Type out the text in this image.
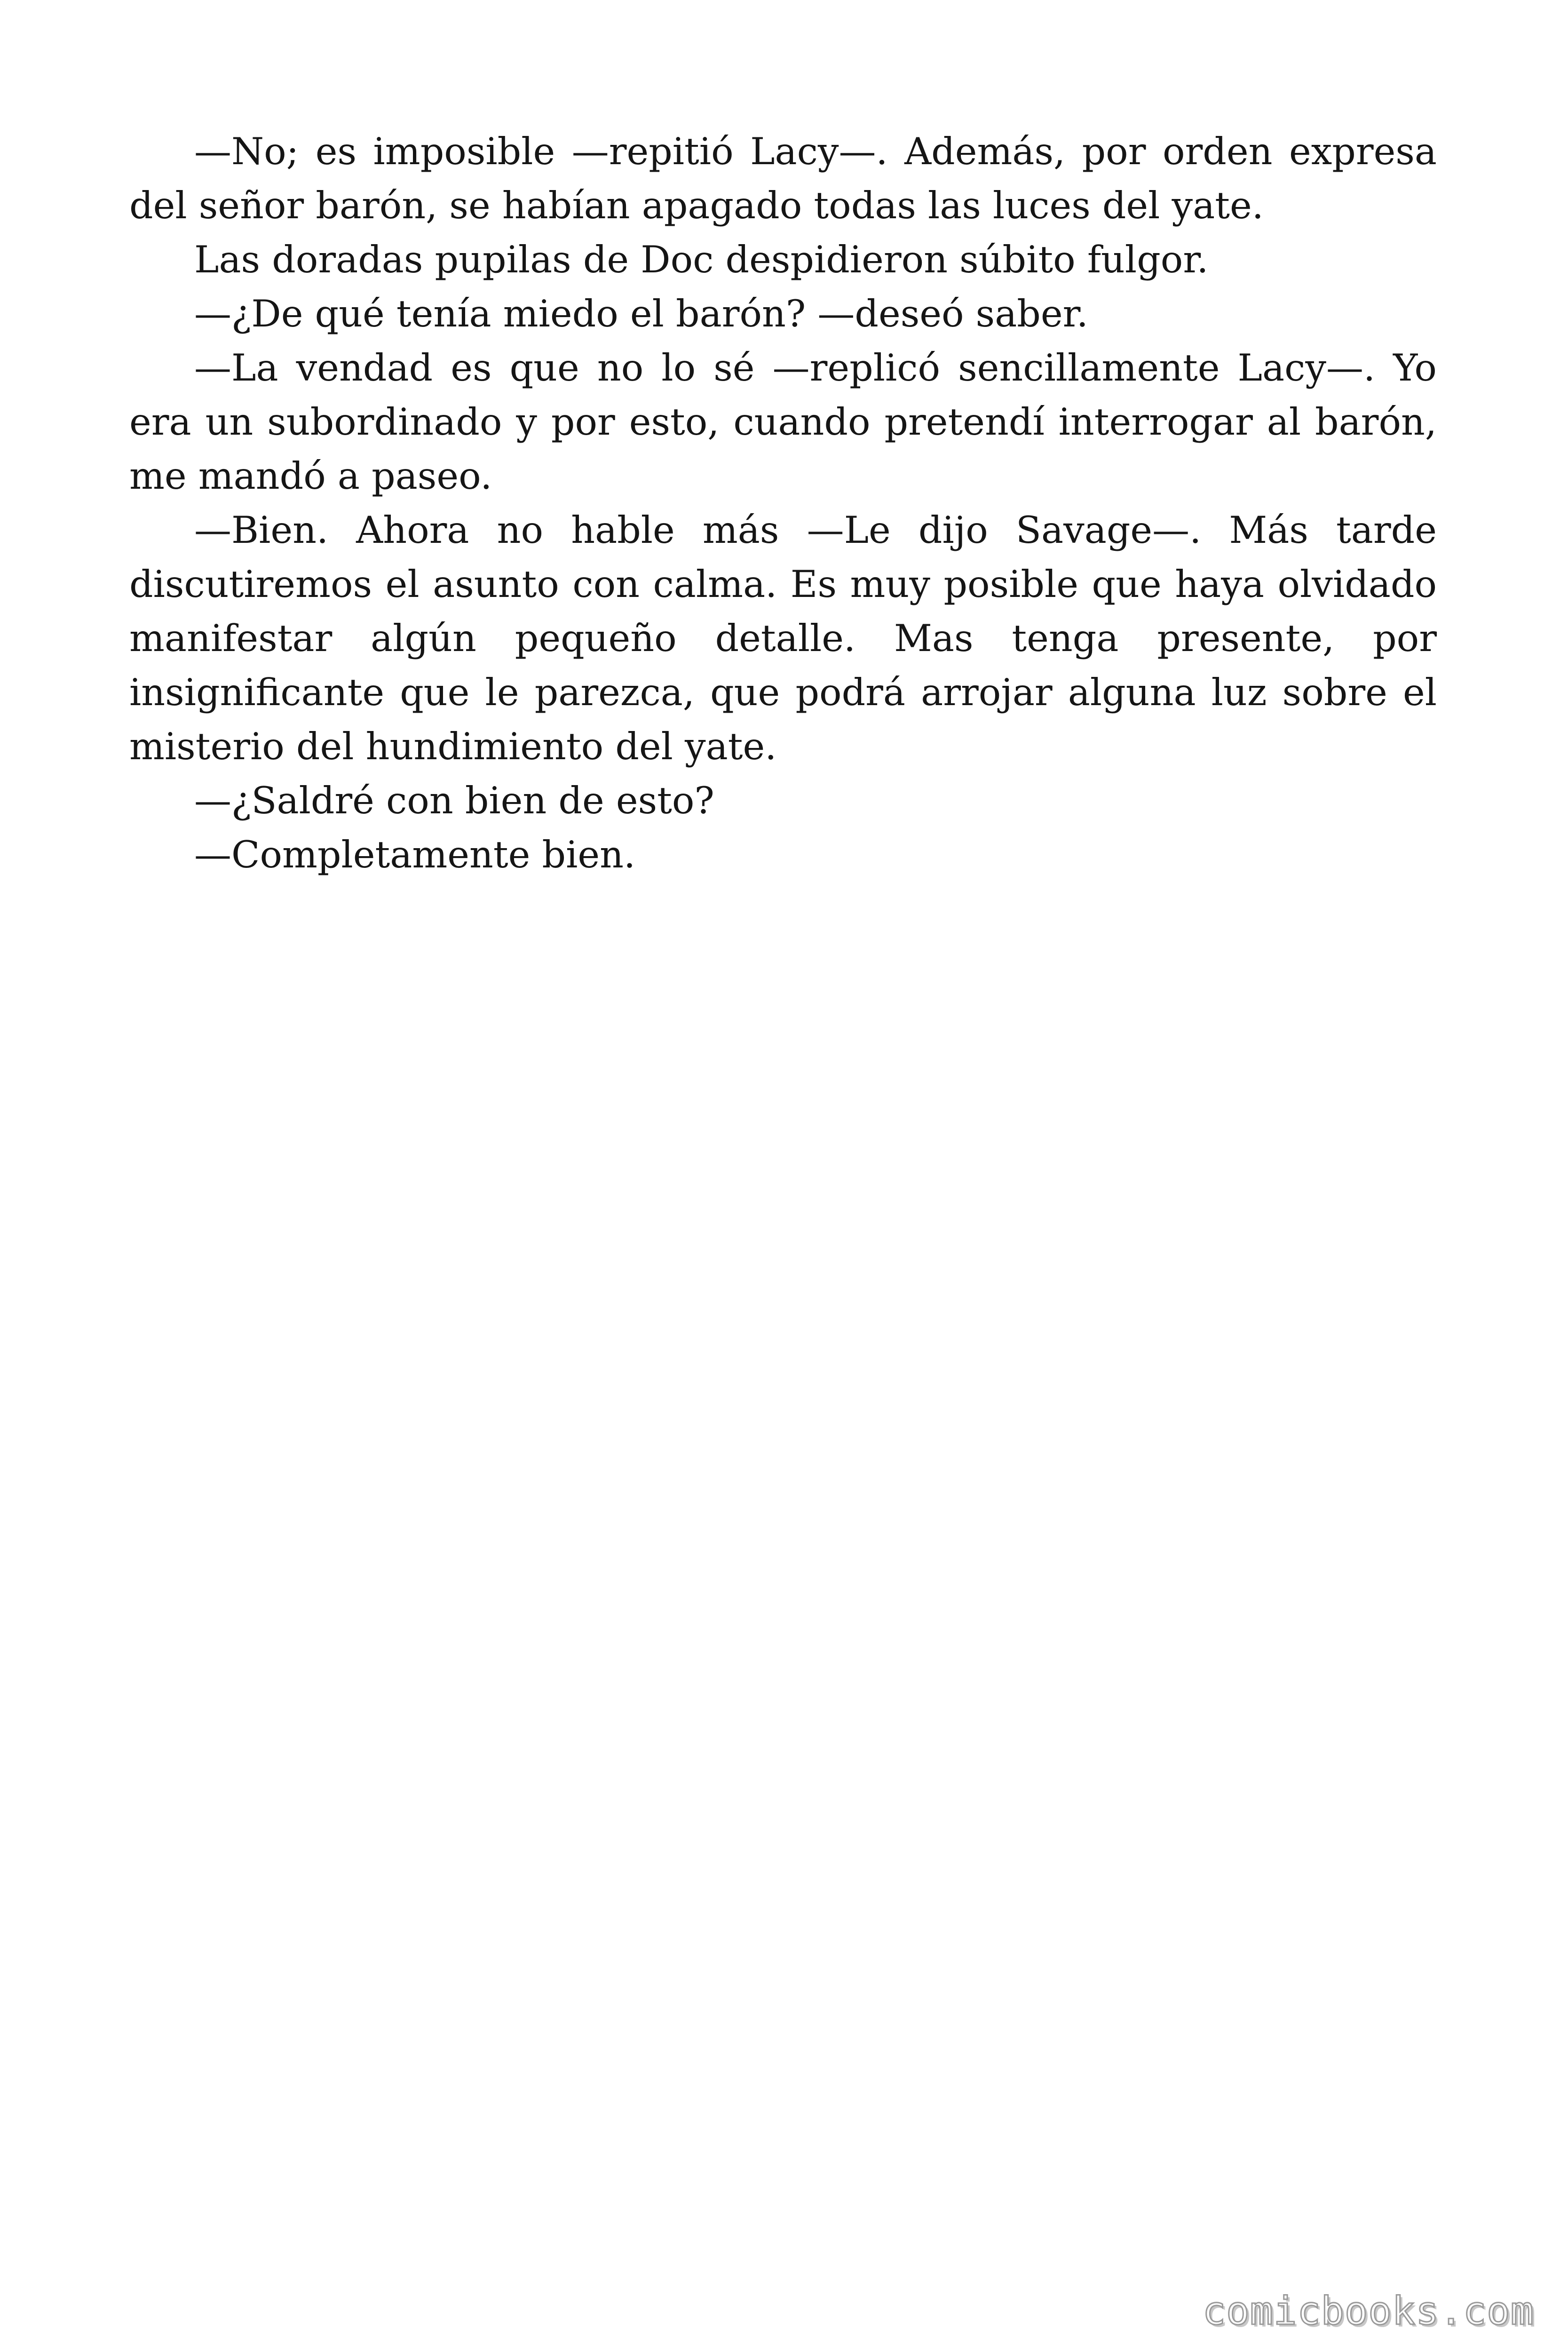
—No; es imposible —repitió Lacy—. Además, por orden expresa del señor barón, se habían apagado todas las luces del yate.

Las doradas pupilas de Doc despidieron súbito fulgor.

—¿De qué tenía miedo el barón? —deseó saber.

—La vendad es que no lo sé —replicó sencillamente Lacy—. Yo era un subordinado y por esto, cuando pretendí interrogar al barón, me mandó a paseo.

—Bien. Ahora no hable más —Le dijo Savage—. Más tarde discutiremos el asunto con calma. Es muy posible que haya olvidado manifestar algún pequeño detalle. Mas tenga presente, por insignificante que le parezca, que podrá arrojar alguna luz sobre el misterio del hundimiento del yate.

—¿Saldré con bien de esto?

—Completamente bien.

comicbooks.com
